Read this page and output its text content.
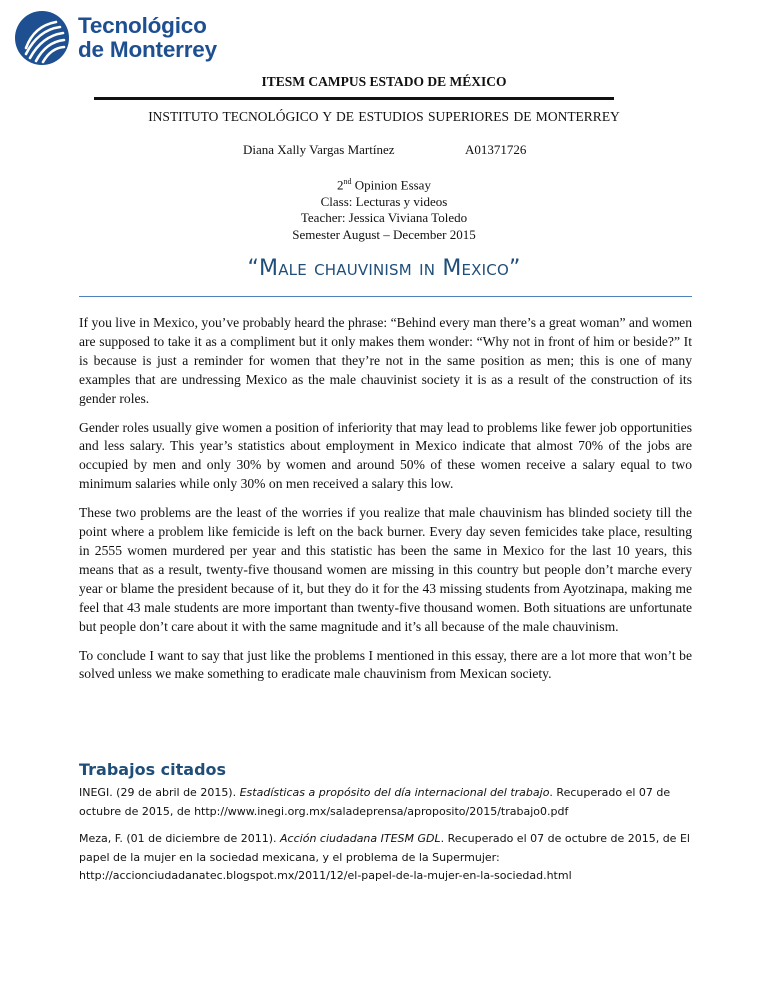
Tecnológico
de Monterrey
ITESM CAMPUS ESTADO DE MÉXICO
INSTITUTO TECNOLÓGICO Y DE ESTUDIOS SUPERIORES DE MONTERREY
Diana Xally Vargas Martínez	A01371726
2nd Opinion Essay
Class: Lecturas y videos
Teacher: Jessica Viviana Toledo
Semester August – December 2015
“Male chauvinism in Mexico”

If you live in Mexico, you’ve probably heard the phrase: “Behind every man there’s a great woman” and women are supposed to take it as a compliment but it only makes them wonder: “Why not in front of him or beside?” It is because is just a reminder for women that they’re not in the same position as men; this is one of many examples that are undressing Mexico as the male chauvinist society it is as a result of the construction of its gender roles.

Gender roles usually give women a position of inferiority that may lead to problems like fewer job opportunities and less salary. This year’s statistics about employment in Mexico indicate that almost 70% of the jobs are occupied by men and only 30% by women and around 50% of these women receive a salary equal to two minimum salaries while only 30% on men received a salary this low.

These two problems are the least of the worries if you realize that male chauvinism has blinded society till the point where a problem like femicide is left on the back burner. Every day seven femicides take place, resulting in 2555 women murdered per year and this statistic has been the same in Mexico for the last 10 years, this means that as a result, twenty-five thousand women are missing in this country but people don’t marche every year or blame the president because of it, but they do it for the 43 missing students from Ayotzinapa, making me feel that 43 male students are more important than twenty-five thousand women. Both situations are unfortunate but people don’t care about it with the same magnitude and it’s all because of the male chauvinism.

To conclude I want to say that just like the problems I mentioned in this essay, there are a lot more that won’t be solved unless we make something to eradicate male chauvinism from Mexican society.

Trabajos citados

INEGI. (29 de abril de 2015). Estadísticas a propósito del día internacional del trabajo. Recuperado el 07 de octubre de 2015, de http://www.inegi.org.mx/saladeprensa/aproposito/2015/trabajo0.pdf

Meza, F. (01 de diciembre de 2011). Acción ciudadana ITESM GDL. Recuperado el 07 de octubre de 2015, de El papel de la mujer en la sociedad mexicana, y el problema de la Supermujer: http://accionciudadanatec.blogspot.mx/2011/12/el-papel-de-la-mujer-en-la-sociedad.html
